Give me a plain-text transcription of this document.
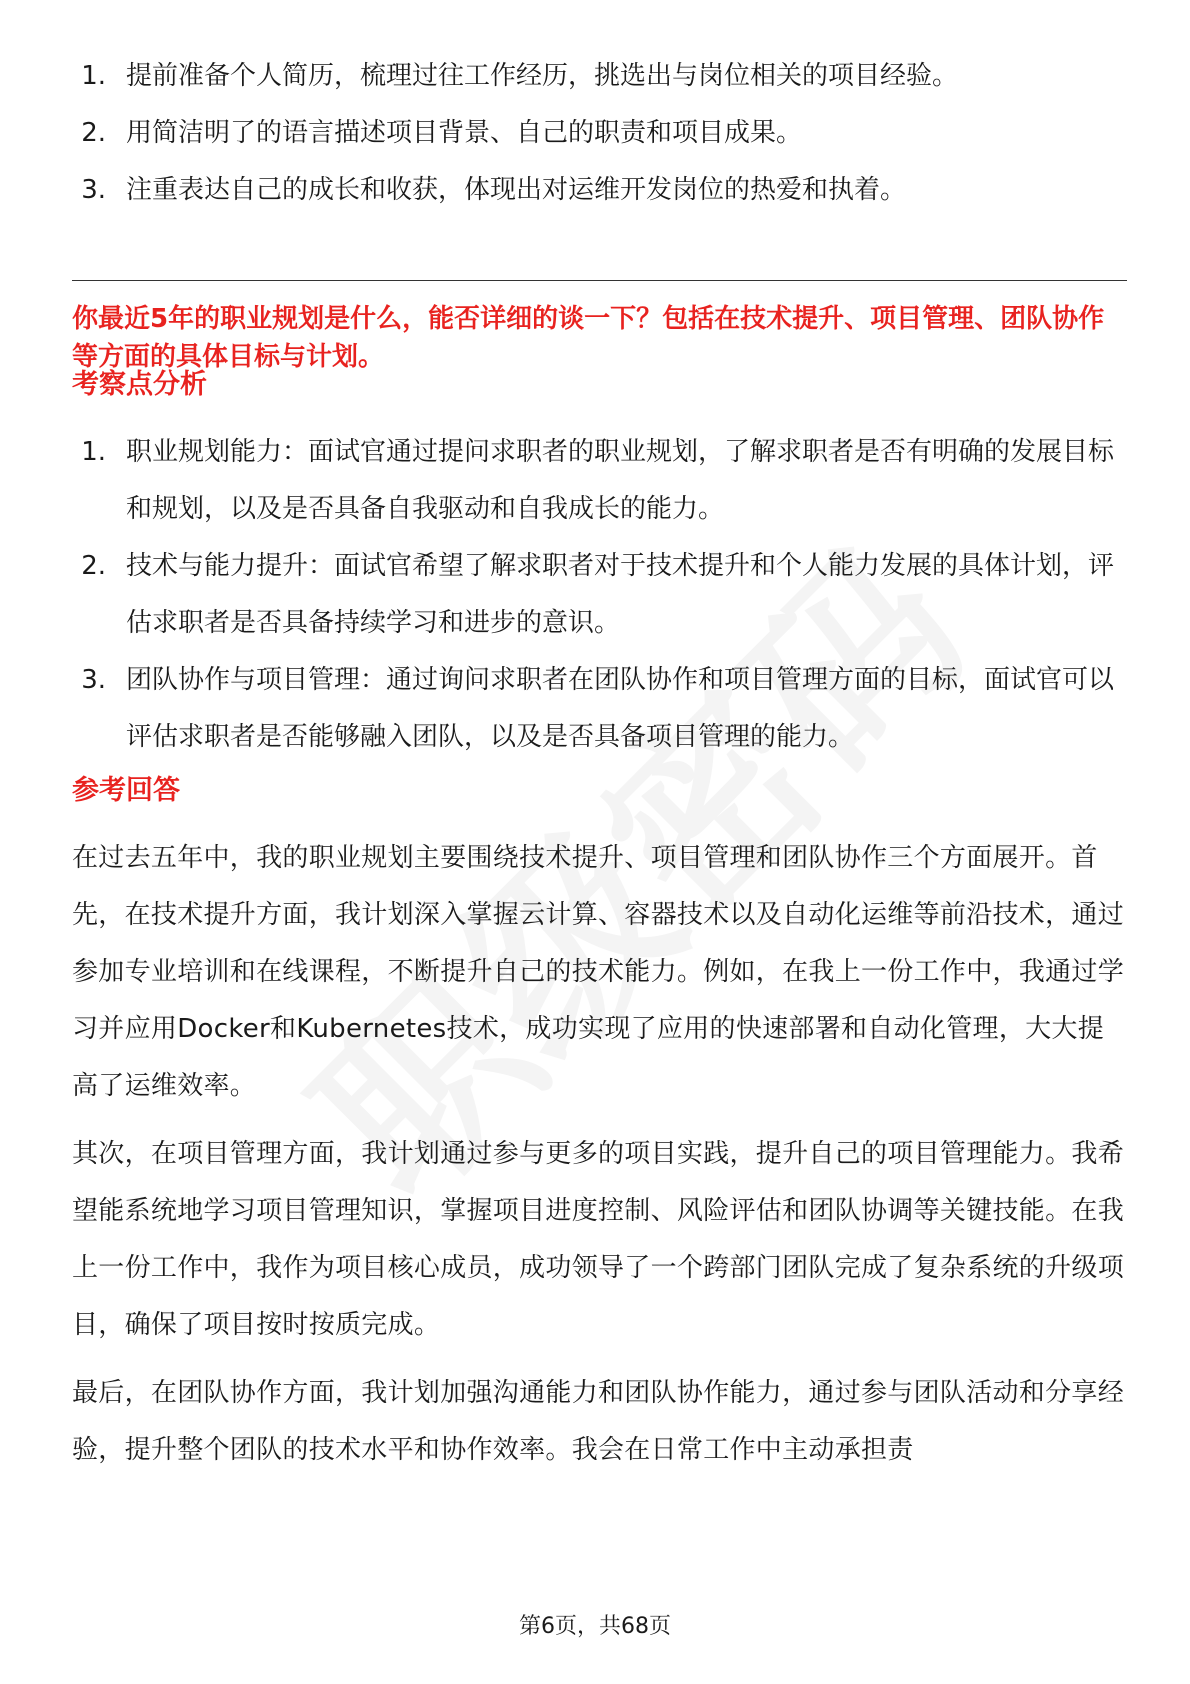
1. 提前准备个人简历，梳理过往工作经历，挑选出与岗位相关的项目经验。
2. 用简洁明了的语言描述项目背景、自己的职责和项目成果。
3. 注重表达自己的成长和收获，体现出对运维开发岗位的热爱和执着。
你最近5年的职业规划是什么，能否详细的谈一下？包括在技术提升、项目管理、团队协作等方面的具体目标与计划。
考察点分析
1. 职业规划能力：面试官通过提问求职者的职业规划，了解求职者是否有明确的发展目标和规划，以及是否具备自我驱动和自我成长的能力。
2. 技术与能力提升：面试官希望了解求职者对于技术提升和个人能力发展的具体计划，评估求职者是否具备持续学习和进步的意识。
3. 团队协作与项目管理：通过询问求职者在团队协作和项目管理方面的目标，面试官可以评估求职者是否能够融入团队，以及是否具备项目管理的能力。
参考回答
在过去五年中，我的职业规划主要围绕技术提升、项目管理和团队协作三个方面展开。首先，在技术提升方面，我计划深入掌握云计算、容器技术以及自动化运维等前沿技术，通过参加专业培训和在线课程，不断提升自己的技术能力。例如，在我上一份工作中，我通过学习并应用Docker和Kubernetes技术，成功实现了应用的快速部署和自动化管理，大大提高了运维效率。
其次，在项目管理方面，我计划通过参与更多的项目实践，提升自己的项目管理能力。我希望能系统地学习项目管理知识，掌握项目进度控制、风险评估和团队协调等关键技能。在我上一份工作中，我作为项目核心成员，成功领导了一个跨部门团队完成了复杂系统的升级项目，确保了项目按时按质完成。
最后，在团队协作方面，我计划加强沟通能力和团队协作能力，通过参与团队活动和分享经验，提升整个团队的技术水平和协作效率。我会在日常工作中主动承担责
第6页，共68页
